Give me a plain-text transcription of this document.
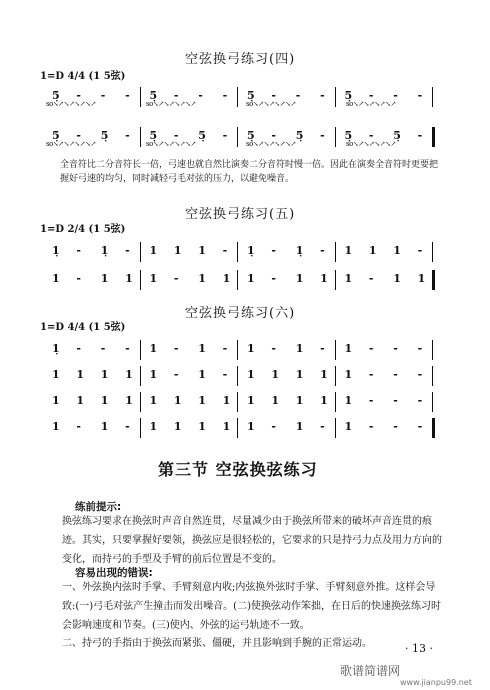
空弦换弓练习(四)
1=D 4/4 (1 5弦)
5̣ - - - 5̣ - - - 5̣ - - - 5̣ - - -
5̣ - 5̣ - 5̣ - 5̣ - 5̣ - 5̣ - 5̣ - 5̣ -
so↘↗↘↗↘↗↘↗	so↘↗↘↗↘↗↘↗	so↘↗↘↗↘↗↘↗	so↘↗↘↗↘↗↘↗
so↘↗↘↗↘↗↘↗	so↘↗↘↗↘↗↘↗	so↘↗↘↗↘↗↘↗	so↘↗↘↗↘↗↘↗
全音符比二分音符长一倍，弓速也就自然比演奏二分音符时慢一倍。因此在演奏全音符时更要把握好弓速的均匀，同时减轻弓毛对弦的压力，以避免噪音。
空弦换弓练习(五)
1=D 2/4 (1 5弦)
1̣ - 1̣ - 1 1 1 - 1̣ - 1̣ - 1 1 1 -
1 - 1 1 1 - 1 1 1 - 1 1 1 - 1 1
空弦换弓练习(六)
1=D 4/4 (1 5弦)
1̣ - - - 1 - 1 - 1 - 1 - 1 - - -
1 1 1 1 1 - 1 - 1 1 1 1 1 - - -
1 1 1 1 1 1 1 1 1 1 1 1 1 - - -
1 - 1 - 1 1 1 1 1 - 1 - 1 - - -
第三节 空弦换弦练习
练前提示:
换弦练习要求在换弦时声音自然连贯，尽量减少由于换弦所带来的破坏声音连贯的痕迹。其实，只要掌握好要领，换弦应是很轻松的，它要求的只是持弓力点及用力方向的变化，而持弓的手型及手臂的前后位置是不变的。
容易出现的错误:
一、外弦换内弦时手掌、手臂刻意内收;内弦换外弦时手掌、手臂刻意外推。这样会导致:(一)弓毛对弦产生撞击而发出噪音。(二)使换弦动作笨拙，在日后的快速换弦练习时会影响速度和节奏。(三)使内、外弦的运弓轨迹不一致。
二、持弓的手指由于换弦而紧张、僵硬，并且影响到手腕的正常运动。	· 13 ·
歌谱简谱网
www.jianpu99.net
